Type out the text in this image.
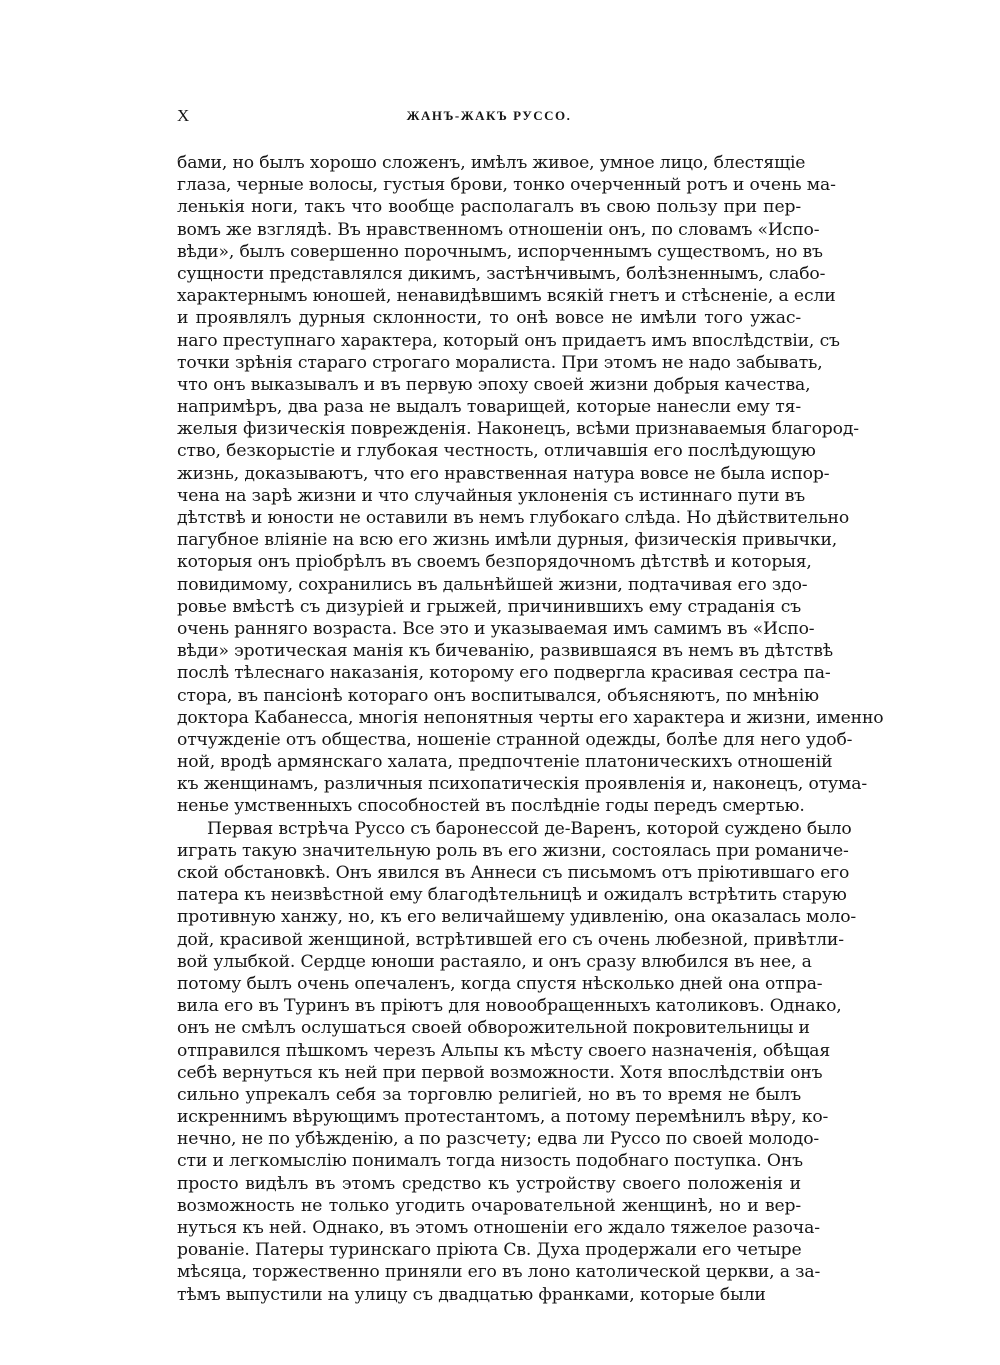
X	ЖАНЪ-ЖАКЪ РУССО.
бами, но былъ хорошо сложенъ, имѣлъ живое, умное лицо, блестящіе
глаза, черные волосы, густыя брови, тонко очерченный ротъ и очень ма-
ленькія ноги, такъ что вообще располагалъ въ свою пользу при пер-
вомъ же взглядѣ. Въ нравственномъ отношеніи онъ, по словамъ «Испо-
вѣди», былъ совершенно порочнымъ, испорченнымъ существомъ, но въ
сущности представлялся дикимъ, застѣнчивымъ, болѣзненнымъ, слабо-
характернымъ юношей, ненавидѣвшимъ всякій гнетъ и стѣсненіе, а если
и проявлялъ дурныя склонности, то онѣ вовсе не имѣли того ужас-
наго преступнаго характера, который онъ придаетъ имъ впослѣдствіи, съ
точки зрѣнія стараго строгаго моралиста. При этомъ не надо забывать,
что онъ выказывалъ и въ первую эпоху своей жизни добрыя качества,
напримѣръ, два раза не выдалъ товарищей, которые нанесли ему тя-
желыя физическія поврежденія. Наконецъ, всѣми признаваемыя благород-
ство, безкорыстіе и глубокая честность, отличавшія его послѣдующую
жизнь, доказываютъ, что его нравственная натура вовсе не была испор-
чена на зарѣ жизни и что случайныя уклоненія съ истиннаго пути въ
дѣтствѣ и юности не оставили въ немъ глубокаго слѣда. Но дѣйствительно
пагубное вліяніе на всю его жизнь имѣли дурныя, физическія привычки,
которыя онъ пріобрѣлъ въ своемъ безпорядочномъ дѣтствѣ и которыя,
повидимому, сохранились въ дальнѣйшей жизни, подтачивая его здо-
ровье вмѣстѣ съ дизуріей и грыжей, причинившихъ ему страданія съ
очень ранняго возраста. Все это и указываемая имъ самимъ въ «Испо-
вѣди» эротическая манія къ бичеванію, развившаяся въ немъ въ дѣтствѣ
послѣ тѣлеснаго наказанія, которому его подвергла красивая сестра па-
стора, въ пансіонѣ котораго онъ воспитывался, объясняютъ, по мнѣнію
доктора Кабанесса, многія непонятныя черты его характера и жизни, именно
отчужденіе отъ общества, ношеніе странной одежды, болѣе для него удоб-
ной, вродѣ армянскаго халата, предпочтеніе платоническихъ отношеній
къ женщинамъ, различныя психопатическія проявленія и, наконецъ, отума-
ненье умственныхъ способностей въ послѣдніе годы передъ смертью.
Первая встрѣча Руссо съ баронессой де-Варенъ, которой суждено было
играть такую значительную роль въ его жизни, состоялась при романиче-
ской обстановкѣ. Онъ явился въ Аннеси съ письмомъ отъ пріютившаго его
патера къ неизвѣстной ему благодѣтельницѣ и ожидалъ встрѣтить старую
противную ханжу, но, къ его величайшему удивленію, она оказалась моло-
дой, красивой женщиной, встрѣтившей его съ очень любезной, привѣтли-
вой улыбкой. Сердце юноши растаяло, и онъ сразу влюбился въ нее, а
потому былъ очень опечаленъ, когда спустя нѣсколько дней она отпра-
вила его въ Туринъ въ пріютъ для новообращенныхъ католиковъ. Однако,
онъ не смѣлъ ослушаться своей обворожительной покровительницы и
отправился пѣшкомъ черезъ Альпы къ мѣсту своего назначенія, обѣщая
себѣ вернуться къ ней при первой возможности. Хотя впослѣдствіи онъ
сильно упрекалъ себя за торговлю религіей, но въ то время не былъ
искреннимъ вѣрующимъ протестантомъ, а потому перемѣнилъ вѣру, ко-
нечно, не по убѣжденію, а по разсчету; едва ли Руссо по своей молодо-
сти и легкомыслію понималъ тогда низость подобнаго поступка. Онъ
просто видѣлъ въ этомъ средство къ устройству своего положенія и
возможность не только угодить очаровательной женщинѣ, но и вер-
нуться къ ней. Однако, въ этомъ отношеніи его ждало тяжелое разоча-
рованіе. Патеры туринскаго пріюта Св. Духа продержали его четыре
мѣсяца, торжественно приняли его въ лоно католической церкви, а за-
тѣмъ выпустили на улицу съ двадцатью франками, которые были
